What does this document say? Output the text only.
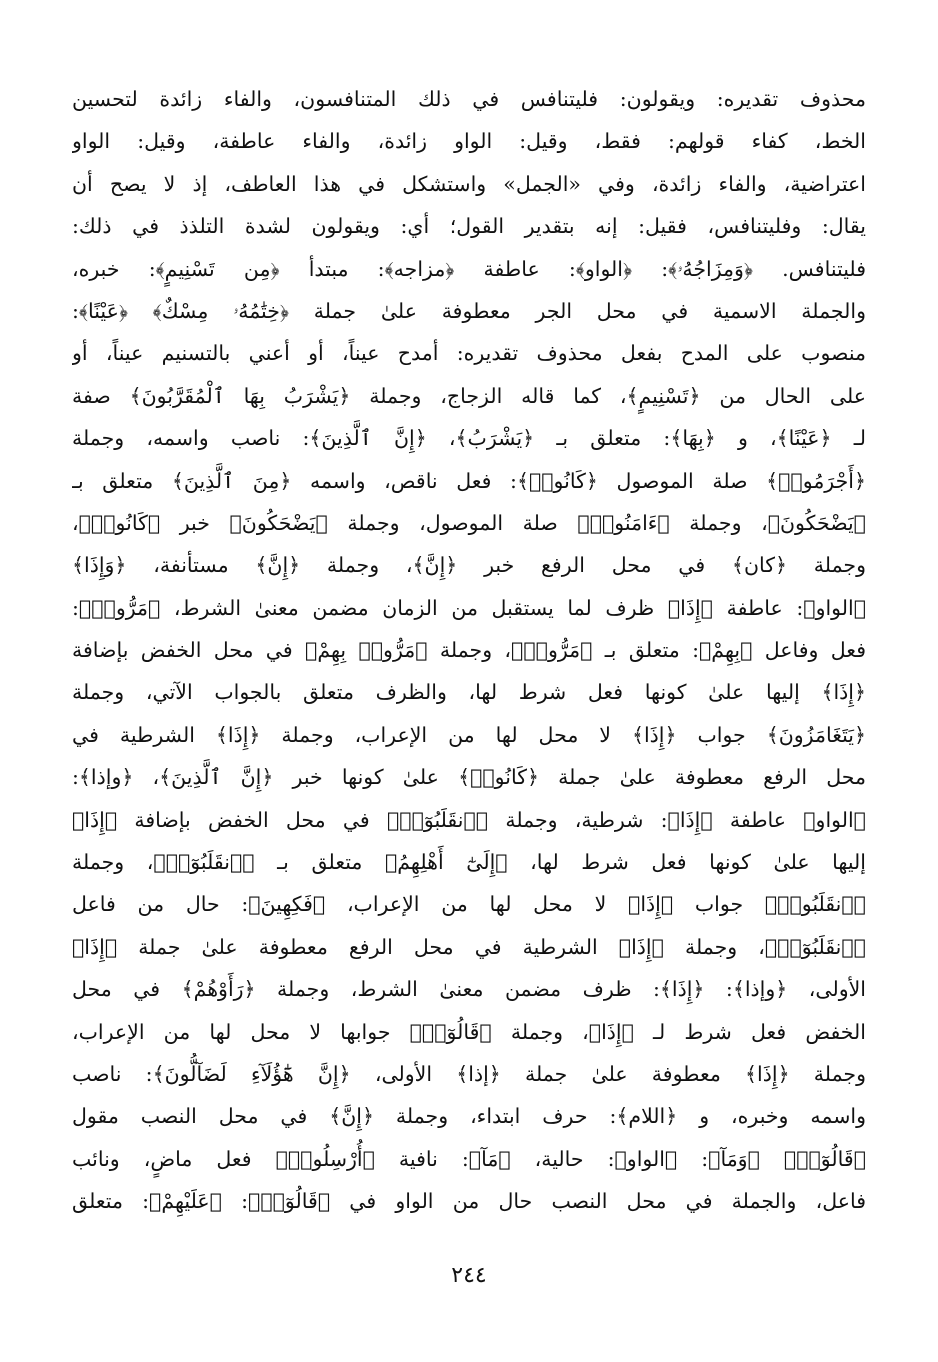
محذوف تقديره: ويقولون: فليتنافس في ذلك المتنافسون، والفاء زائدة لتحسين
الخط، كفاء قولهم: فقط، وقيل: الواو زائدة، والفاء عاطفة، وقيل: الواو
اعتراضية، والفاء زائدة، وفي «الجمل» واستشكل في هذا العاطف، إذ لا يصح أن
يقال: وفليتنافس، فقيل: إنه بتقدير القول؛ أي: ويقولون لشدة التلذذ في ذلك:
فليتنافس. ﴿وَمِزَاجُهُۥ﴾: ﴿الواو﴾: عاطفة ﴿مزاجه﴾: مبتدأ ﴿مِن تَسْنِيمٍ﴾: خبره،
والجملة الاسمية في محل الجر معطوفة علىٰ جملة ﴿خِتَٰمُهُۥ مِسْكٌ﴾ ﴿عَيْنًا﴾:
منصوب على المدح بفعل محذوف تقديره: أمدح عيناً، أو أعني بالتسنيم عيناً، أو
على الحال من ﴿تَسْنِيمٍ﴾، كما قاله الزجاج، وجملة ﴿يَشْرَبُ بِهَا ٱلْمُقَرَّبُونَ﴾ صفة
لـ ﴿عَيْنًا﴾، و ﴿بِهَا﴾: متعلق بـ ﴿يَشْرَبُ﴾، ﴿إِنَّ ٱلَّذِينَ﴾: ناصب واسمه، وجملة
﴿أَجْرَمُوا۟﴾ صلة الموصول ﴿كَانُوا۟﴾: فعل ناقص، واسمه ﴿مِنَ ٱلَّذِينَ﴾ متعلق بـ
﴿يَضْحَكُونَ﴾، وجملة ﴿ءَامَنُوا۟﴾ صلة الموصول، وجملة ﴿يَضْحَكُونَ﴾ خبر ﴿كَانُوا۟﴾،
وجملة ﴿كان﴾ في محل الرفع خبر ﴿إِنَّ﴾، وجملة ﴿إِنَّ﴾ مستأنفة، ﴿وَإِذَا﴾
﴿الواو﴾: عاطفة ﴿إِذَا﴾ ظرف لما يستقبل من الزمان مضمن معنىٰ الشرط، ﴿مَرُّوا۟﴾:
فعل وفاعل ﴿بِهِمْ﴾: متعلق بـ ﴿مَرُّوا۟﴾، وجملة ﴿مَرُّوا۟ بِهِمْ﴾ في محل الخفض بإضافة
﴿إِذَا﴾ إليها علىٰ كونها فعل شرط لها، والظرف متعلق بالجواب الآتي، وجملة
﴿يَتَغَامَزُونَ﴾ جواب ﴿إِذَا﴾ لا محل لها من الإعراب، وجملة ﴿إِذَا﴾ الشرطية في
محل الرفع معطوفة علىٰ جملة ﴿كَانُوا۟﴾ علىٰ كونها خبر ﴿إِنَّ ٱلَّذِينَ﴾، ﴿وإذا﴾:
﴿الواو﴾ عاطفة ﴿إِذَا﴾: شرطية، وجملة ﴿ٱنقَلَبُوٓا۟﴾ في محل الخفض بإضافة ﴿إِذَا﴾
إليها علىٰ كونها فعل شرط لها، ﴿إِلَىٰٓ أَهْلِهِمُ﴾ متعلق بـ ﴿ٱنقَلَبُوٓا۟﴾، وجملة
﴿ٱنقَلَبُوا۟﴾ جواب ﴿إِذَا﴾ لا محل لها من الإعراب، ﴿فَكِهِينَ﴾: حال من فاعل
﴿ٱنقَلَبُوٓا۟﴾، وجملة ﴿إِذَا﴾ الشرطية في محل الرفع معطوفة علىٰ جملة ﴿إِذَا﴾
الأولى، ﴿وإذا﴾: ﴿إِذَا﴾: ظرف مضمن معنىٰ الشرط، وجملة ﴿رَأَوْهُمْ﴾ في محل
الخفض فعل شرط لـ ﴿إِذَا﴾، وجملة ﴿قَالُوٓا۟﴾ جوابها لا محل لها من الإعراب،
وجملة ﴿إِذَا﴾ معطوفة علىٰ جملة ﴿إذا﴾ الأولى، ﴿إِنَّ هَٰٓؤُلَآءِ لَضَآلُّونَ﴾: ناصب
واسمه وخبره، و ﴿اللام﴾: حرف ابتداء، وجملة ﴿إِنَّ﴾ في محل النصب مقول
﴿قَالُوٓا۟﴾ ﴿وَمَآ﴾: ﴿الواو﴾: حالية، ﴿مَآ﴾: نافية ﴿أُرْسِلُوا۟﴾ فعل ماضٍ، ونائب
فاعل، والجملة في محل النصب حال من الواو في ﴿قَالُوٓا۟﴾: ﴿عَلَيْهِمْ﴾: متعلق
٢٤٤
